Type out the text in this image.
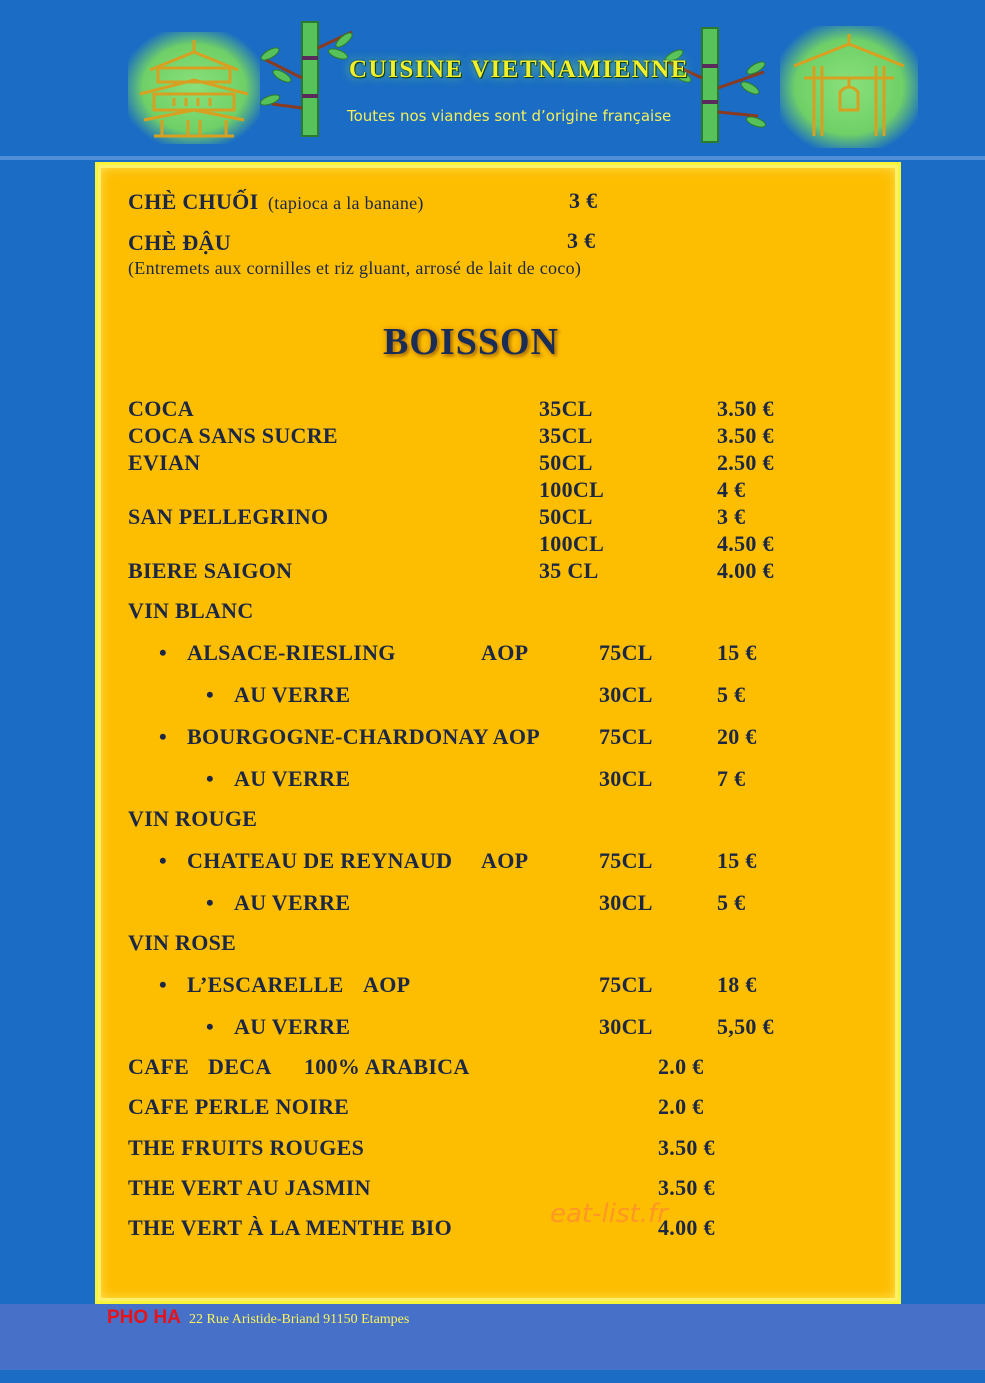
CUISINE VIETNAMIENNE
Toutes nos viandes sont d’origine française
CHÈ CHUỐI (tapioca a la banane)	3 €
CHÈ ĐẬU	3 €
(Entremets aux cornilles et riz gluant, arrosé de lait de coco)
BOISSON
COCA	35CL	3.50 €
COCA SANS SUCRE	35CL	3.50 €
EVIAN	50CL	2.50 €
100CL	4 €
SAN PELLEGRINO	50CL	3 €
100CL	4.50 €
BIERE SAIGON	35 CL	4.00 €
VIN BLANC
• ALSACE-RIESLING	AOP	75CL	15 €
• AU VERRE	30CL	5 €
• BOURGOGNE-CHARDONAY AOP	75CL	20 €
• AU VERRE	30CL	7 €
VIN ROUGE
• CHATEAU DE REYNAUD AOP	75CL	15 €
• AU VERRE	30CL	5 €
VIN ROSE
• L’ESCARELLE AOP	75CL	18 €
• AU VERRE	30CL	5,50 €
CAFE DECA 100% ARABICA	2.0 €
CAFE PERLE NOIRE	2.0 €
THE FRUITS ROUGES	3.50 €
THE VERT AU JASMIN	3.50 €
THE VERT À LA MENTHE BIO	4.00 €
eat-list.fr
PHO HA 22 Rue Aristide-Briand 91150 Etampes
